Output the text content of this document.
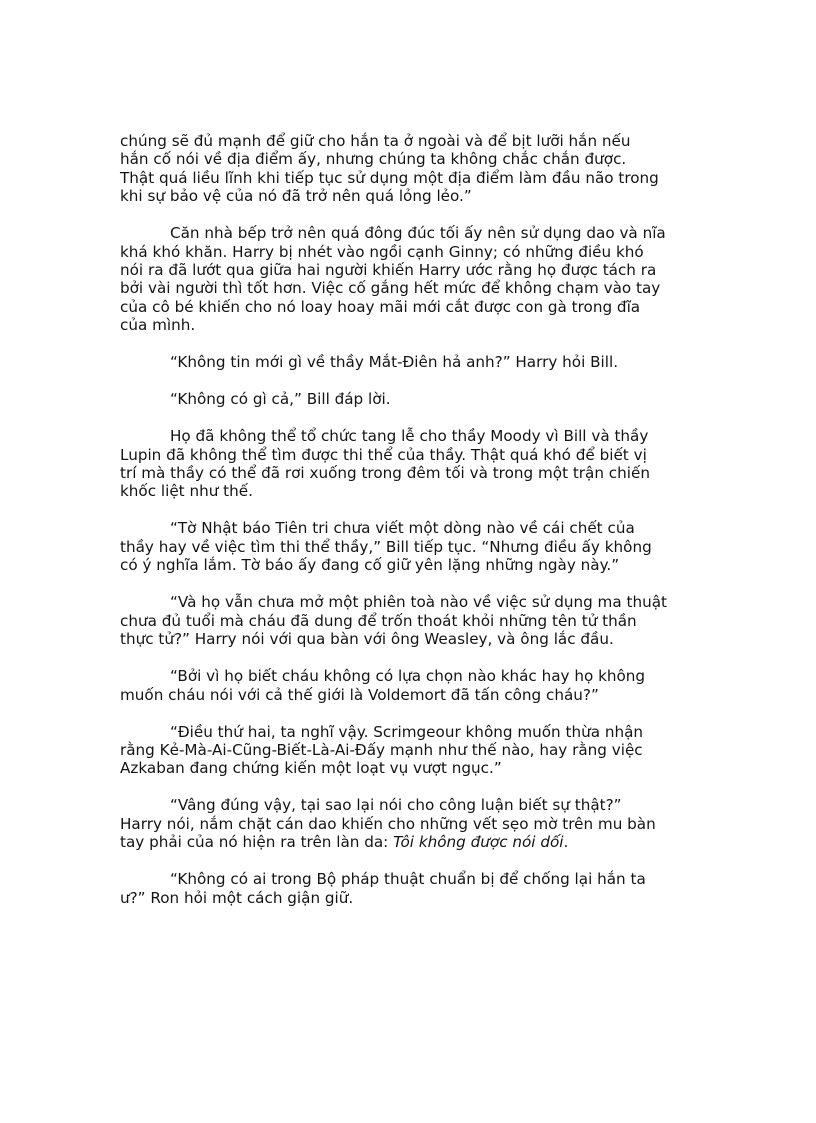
chúng sẽ đủ mạnh để giữ cho hắn ta ở ngoài và để bịt lưỡi hắn nếu
hắn cố nói về địa điểm ấy, nhưng chúng ta không chắc chắn được.
Thật quá liều lĩnh khi tiếp tục sử dụng một địa điểm làm đầu não trong
khi sự bảo vệ của nó đã trở nên quá lỏng lẻo.”

Căn nhà bếp trở nên quá đông đúc tối ấy nên sử dụng dao và nĩa
khá khó khăn. Harry bị nhét vào ngồi cạnh Ginny; có những điều khó
nói ra đã lướt qua giữa hai người khiến Harry ước rằng họ được tách ra
bởi vài người thì tốt hơn. Việc cố gắng hết mức để không chạm vào tay
của cô bé khiến cho nó loay hoay mãi mới cắt được con gà trong đĩa
của mình.

“Không tin mới gì về thầy Mắt-Điên hả anh?” Harry hỏi Bill.

“Không có gì cả,” Bill đáp lời.

Họ đã không thể tổ chức tang lễ cho thầy Moody vì Bill và thầy
Lupin đã không thể tìm được thi thể của thầy. Thật quá khó để biết vị
trí mà thầy có thể đã rơi xuống trong đêm tối và trong một trận chiến
khốc liệt như thế.

“Tờ Nhật báo Tiên tri chưa viết một dòng nào về cái chết của
thầy hay về việc tìm thi thể thầy,” Bill tiếp tục. “Nhưng điều ấy không
có ý nghĩa lắm. Tờ báo ấy đang cố giữ yên lặng những ngày này.”

“Và họ vẫn chưa mở một phiên toà nào về việc sử dụng ma thuật
chưa đủ tuổi mà cháu đã dung để trốn thoát khỏi những tên tử thần
thực tử?” Harry nói với qua bàn với ông Weasley, và ông lắc đầu.

“Bởi vì họ biết cháu không có lựa chọn nào khác hay họ không
muốn cháu nói với cả thế giới là Voldemort đã tấn công cháu?”

“Điều thứ hai, ta nghĩ vậy. Scrimgeour không muốn thừa nhận
rằng Kẻ-Mà-Ai-Cũng-Biết-Là-Ai-Đấy mạnh như thế nào, hay rằng việc
Azkaban đang chứng kiến một loạt vụ vượt ngục.”

“Vâng đúng vậy, tại sao lại nói cho công luận biết sự thật?”
Harry nói, nắm chặt cán dao khiến cho những vết sẹo mờ trên mu bàn
tay phải của nó hiện ra trên làn da: Tôi không được nói dối.

“Không có ai trong Bộ pháp thuật chuẩn bị để chống lại hắn ta
ư?” Ron hỏi một cách giận giữ.
